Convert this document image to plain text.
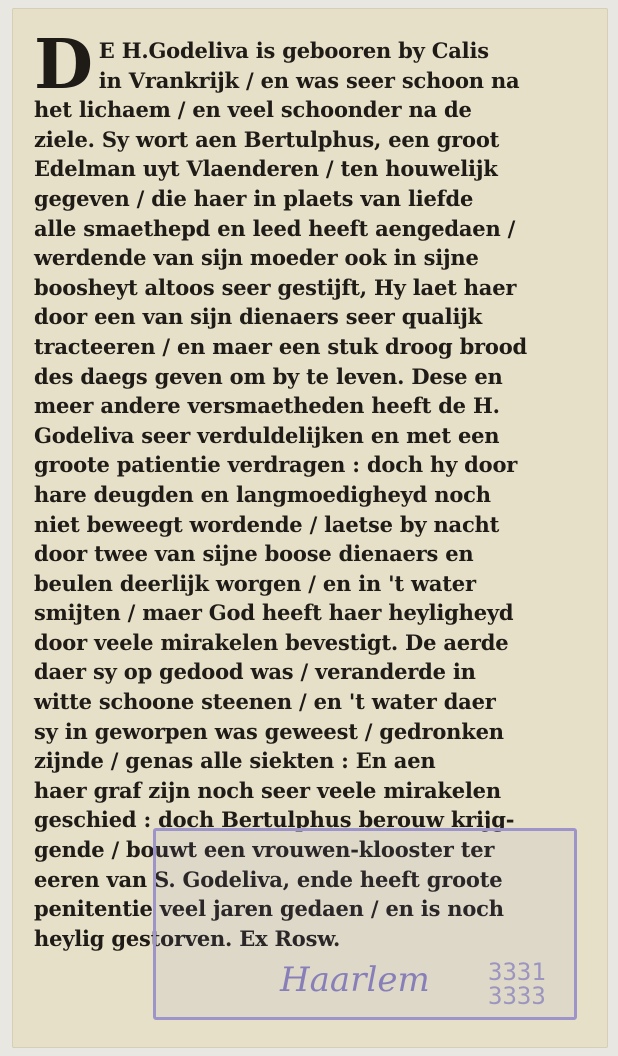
D E H.Godeliva is gebooren by Calis
in Vrankrijk / en was seer schoon na
het lichaem / en veel schoonder na de
ziele. Sy wort aen Bertulphus, een groot
Edelman uyt Vlaenderen / ten houwelijk
gegeven / die haer in plaets van liefde
alle smaethepd en leed heeft aengedaen /
werdende van sijn moeder ook in sijne
boosheyt altoos seer gestijft, Hy laet haer
door een van sijn dienaers seer qualijk
tracteeren / en maer een stuk droog brood
des daegs geven om by te leven. Dese en
meer andere versmaetheden heeft de H.
Godeliva seer verduldelijken en met een
groote patientie verdragen : doch hy door
hare deugden en langmoedigheyd noch
niet beweegt wordende / laetse by nacht
door twee van sijne boose dienaers en
beulen deerlijk worgen / en in 't water
smijten / maer God heeft haer heyligheyd
door veele mirakelen bevestigt. De aerde
daer sy op gedood was / veranderde in
witte schoone steenen / en 't water daer
sy in geworpen was geweest / gedronken
zijnde / genas alle siekten : En aen
haer graf zijn noch seer veele mirakelen
geschied : doch Bertulphus berouw krijg-
gende / bouwt een vrouwen-klooster ter
eeren van S. Godeliva, ende heeft groote
penitentie veel jaren gedaen / en is noch
heylig gestorven. Ex Rosw.
Haarlem 3331
3333
